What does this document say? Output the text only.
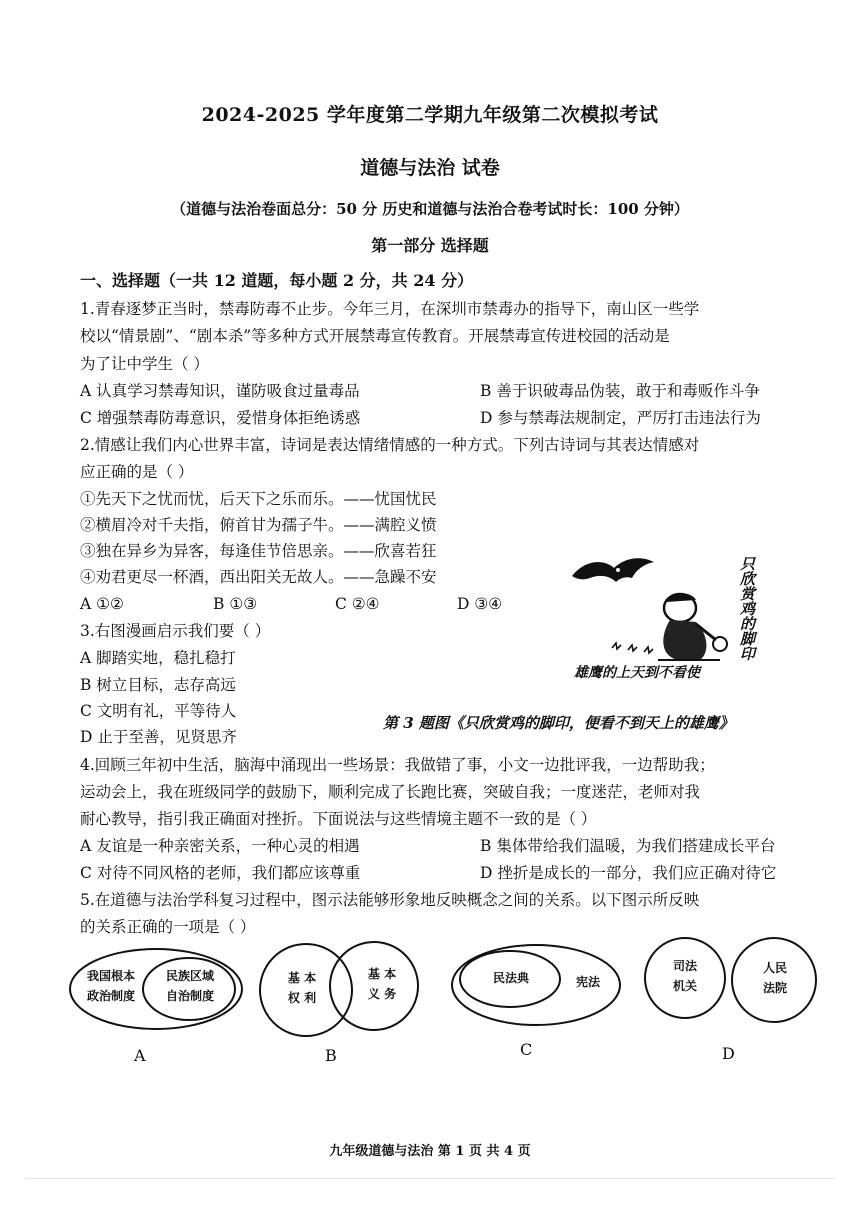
2024-2025 学年度第二学期九年级第二次模拟考试
道德与法治 试卷
（道德与法治卷面总分：50 分 历史和道德与法治合卷考试时长：100 分钟）
第一部分 选择题
一、选择题（一共 12 道题，每小题 2 分，共 24 分）
1.青春逐梦正当时，禁毒防毒不止步。今年三月，在深圳市禁毒办的指导下，南山区一些学
校以“情景剧”、“剧本杀”等多种方式开展禁毒宣传教育。开展禁毒宣传进校园的活动是
为了让中学生（ ）
A 认真学习禁毒知识，谨防吸食过量毒品	B 善于识破毒品伪装，敢于和毒贩作斗争
C 增强禁毒防毒意识，爱惜身体拒绝诱惑	D 参与禁毒法规制定，严厉打击违法行为
2.情感让我们内心世界丰富，诗词是表达情绪情感的一种方式。下列古诗词与其表达情感对
应正确的是（ ）
①先天下之忧而忧，后天下之乐而乐。——忧国忧民
②横眉冷对千夫指，俯首甘为孺子牛。——满腔义愤
③独在异乡为异客，每逢佳节倍思亲。——欣喜若狂
④劝君更尽一杯酒，西出阳关无故人。——急躁不安
A ①②	B ①③	C ②④	D ③④
3.右图漫画启示我们要（ ）
A 脚踏实地，稳扎稳打
B 树立目标，志存高远
C 文明有礼，平等待人
D 止于至善，见贤思齐
只欣赏鸡的脚印
雄鹰的上天到不看使
第 3 题图《只欣赏鸡的脚印，便看不到天上的雄鹰》
4.回顾三年初中生活，脑海中涌现出一些场景：我做错了事，小文一边批评我，一边帮助我；
运动会上，我在班级同学的鼓励下，顺利完成了长跑比赛，突破自我；一度迷茫，老师对我
耐心教导，指引我正确面对挫折。下面说法与这些情境主题不一致的是（ ）
A 友谊是一种亲密关系，一种心灵的相遇	B 集体带给我们温暖，为我们搭建成长平台
C 对待不同风格的老师，我们都应该尊重	D 挫折是成长的一部分，我们应正确对待它
5.在道德与法治学科复习过程中，图示法能够形象地反映概念之间的关系。以下图示所反映
的关系正确的一项是（ ）
我国根本
政治制度
民族区域
自治制度
A
基 本
权 利
基 本
义 务
B
民法典	宪法
C
司法
机关
人民
法院
D
九年级道德与法治 第 1 页 共 4 页
